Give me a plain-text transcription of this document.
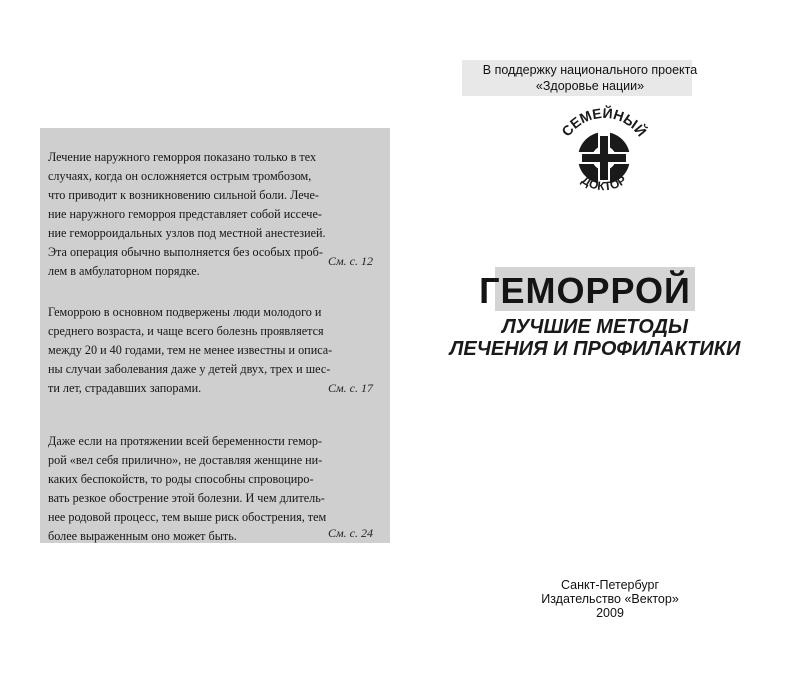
Лечение наружного геморроя показано только в тех

случаях, когда он осложняется острым тромбозом,

что приводит к возникновению сильной боли. Лече-

ние наружного геморроя представляет собой иссече-

ние геморроидальных узлов под местной анестезией.

Эта операция обычно выполняется без особых проб-

лем в амбулаторном порядке.

См. с. 12

Геморрою в основном подвержены люди молодого и

среднего возраста, и чаще всего болезнь проявляется

между 20 и 40 годами, тем не менее известны и описа-

ны случаи заболевания даже у детей двух, трех и шес-

ти лет, страдавших запорами.	См. с. 17

Даже если на протяжении всей беременности гемор-

рой «вел себя прилично», не доставляя женщине ни-

каких беспокойств, то роды способны спровоциро-

вать резкое обострение этой болезни. И чем длитель-

нее родовой процесс, тем выше риск обострения, тем

более выраженным оно может быть.	См. с. 24
В поддержку национального проекта
«Здоровье нации»
СЕМЕЙНЫЙ
ДОКТОР
ГЕМОРРОЙ
ЛУЧШИЕ МЕТОДЫ
ЛЕЧЕНИЯ И ПРОФИЛАКТИКИ
Санкт-Петербург
Издательство «Вектор»
2009
